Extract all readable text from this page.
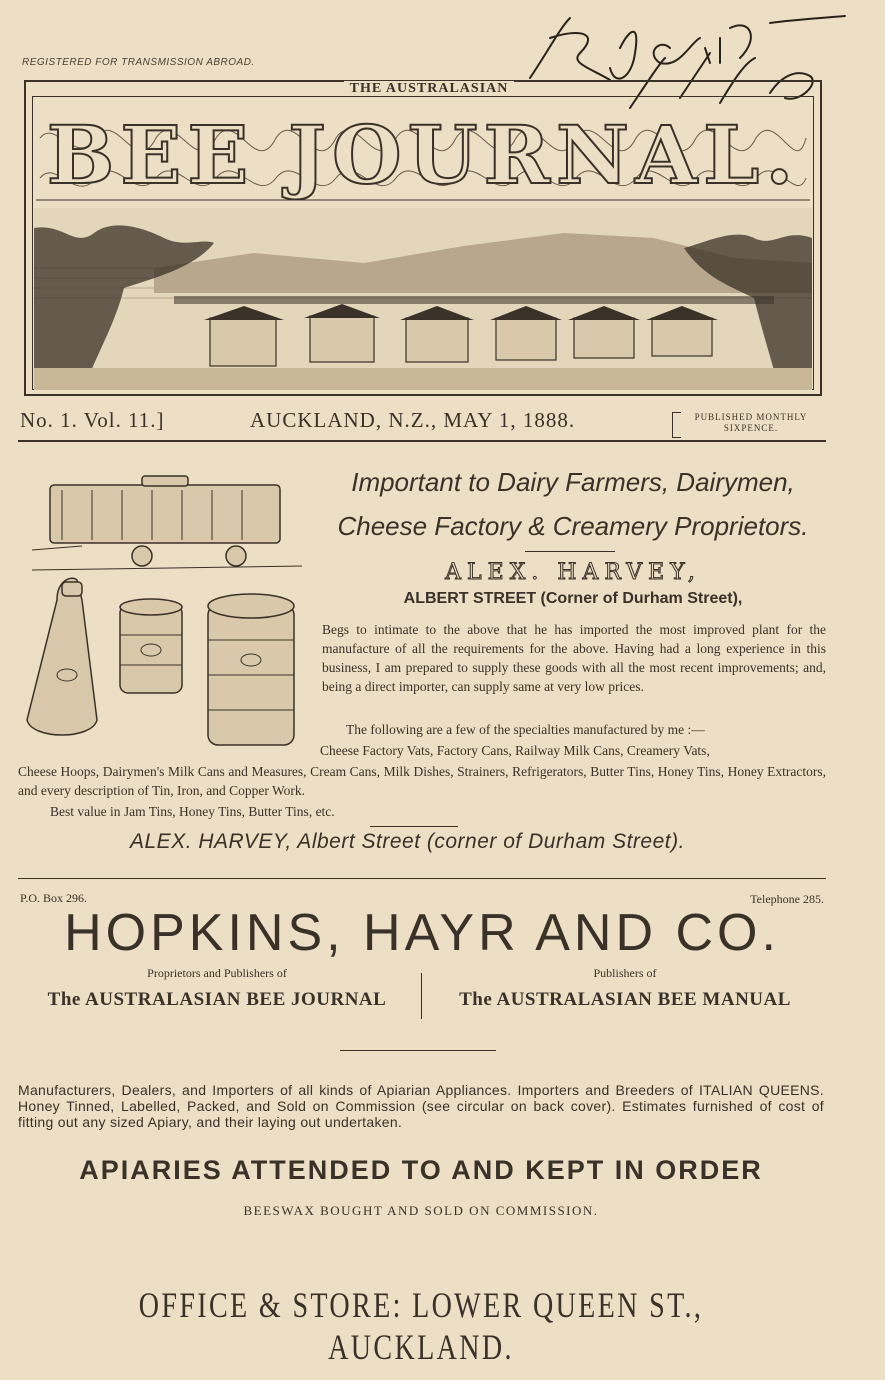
REGISTERED FOR TRANSMISSION ABROAD.
THE AUSTRALASIAN
BEE JOURNAL.
No. 1. Vol. 11.]	AUCKLAND, N.Z., MAY 1, 1888.	PUBLISHED MONTHLY
SIXPENCE.
Important to Dairy Farmers, Dairymen,
Cheese Factory & Creamery Proprietors.
ALEX. HARVEY,
ALBERT STREET (Corner of Durham Street),
Begs to intimate to the above that he has imported the most improved plant for the manufacture of all the requirements for the above. Having had a long experience in this business, I am prepared to supply these goods with all the most recent improvements; and, being a direct importer, can supply same at very low prices.
The following are a few of the specialties manufactured by me :—
Cheese Factory Vats, Factory Cans, Railway Milk Cans, Creamery Vats,
Cheese Hoops, Dairymen's Milk Cans and Measures, Cream Cans, Milk Dishes, Strainers, Refrigerators, Butter Tins, Honey Tins, Honey Extractors, and every description of Tin, Iron, and Copper Work.
Best value in Jam Tins, Honey Tins, Butter Tins, etc.
ALEX. HARVEY, Albert Street (corner of Durham Street).
P.O. Box 296.	Telephone 285.
HOPKINS, HAYR AND CO.
Proprietors and Publishers of
The AUSTRALASIAN BEE JOURNAL
Publishers of
The AUSTRALASIAN BEE MANUAL
Manufacturers, Dealers, and Importers of all kinds of Apiarian Appliances. Importers and Breeders of ITALIAN QUEENS. Honey Tinned, Labelled, Packed, and Sold on Commission (see circular on back cover). Estimates furnished of cost of fitting out any sized Apiary, and their laying out undertaken.
APIARIES ATTENDED TO AND KEPT IN ORDER
BEESWAX BOUGHT AND SOLD ON COMMISSION.
OFFICE & STORE: LOWER QUEEN ST., AUCKLAND.
